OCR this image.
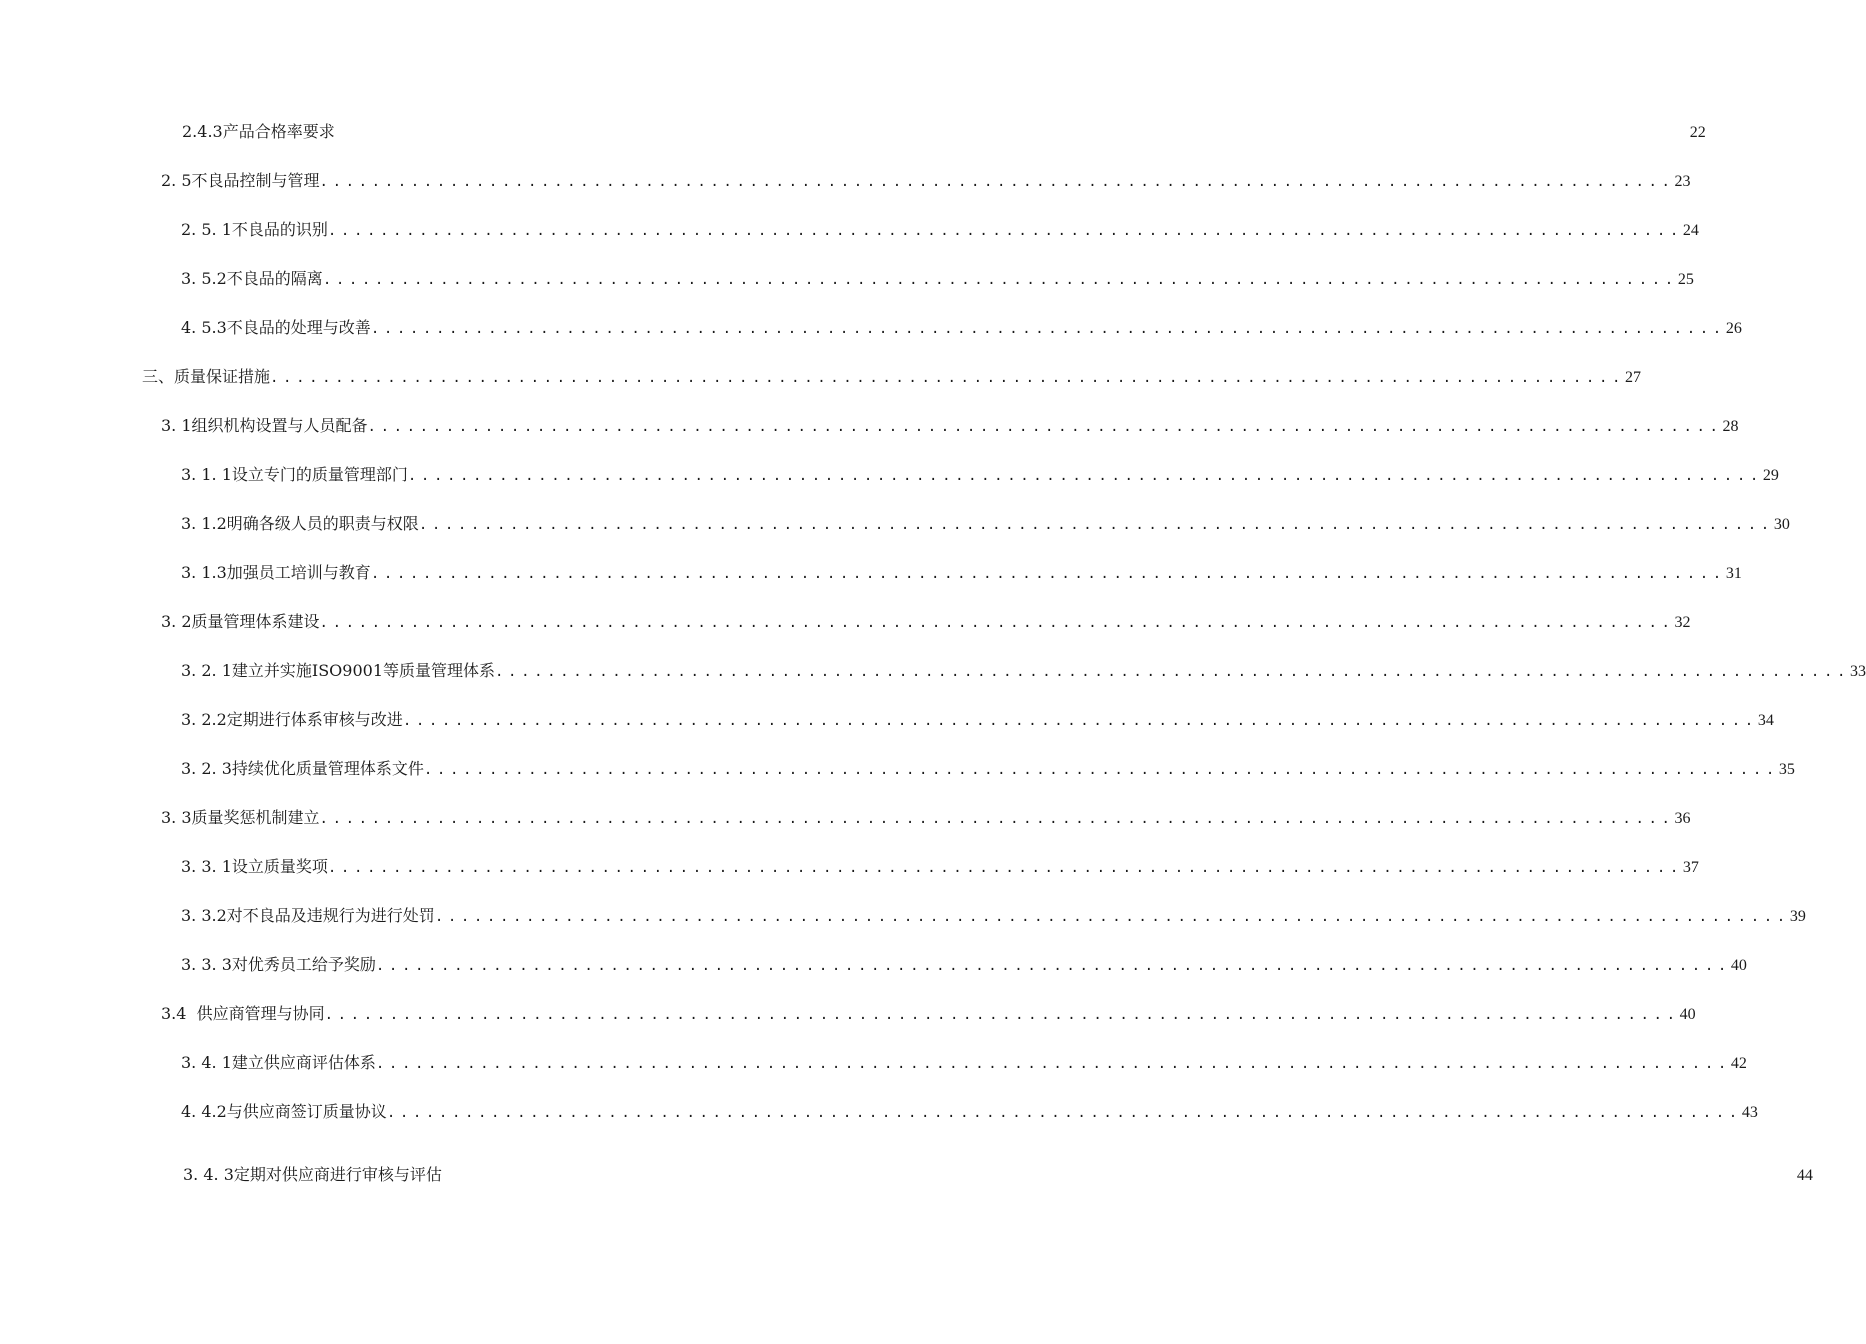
2.4.3产品合格率要求	22
2. 5不良品控制与管理 ........................................................................................................ 23
2. 5. 1不良品的识别 ........................................................................................................ 24
3. 5.2不良品的隔离 ........................................................................................................ 25
4. 5.3不良品的处理与改善 ........................................................................................................ 26
三、质量保证措施 ........................................................................................................ 27
3. 1组织机构设置与人员配备 ........................................................................................................ 28
3. 1. 1设立专门的质量管理部门 ........................................................................................................ 29
3. 1.2明确各级人员的职责与权限 ........................................................................................................ 30
3. 1.3加强员工培训与教育 ........................................................................................................ 31
3. 2质量管理体系建设 ........................................................................................................ 32
3. 2. 1建立并实施ISO9001等质量管理体系 ........................................................................................................ 33
3. 2.2定期进行体系审核与改进 ........................................................................................................ 34
3. 2. 3持续优化质量管理体系文件 ........................................................................................................ 35
3. 3质量奖惩机制建立 ........................................................................................................ 36
3. 3. 1设立质量奖项 ........................................................................................................ 37
3. 3.2对不良品及违规行为进行处罚 ........................................................................................................ 39
3. 3. 3对优秀员工给予奖励 ........................................................................................................ 40
3.4  供应商管理与协同 ........................................................................................................ 40
3. 4. 1建立供应商评估体系 ........................................................................................................ 42
4. 4.2与供应商签订质量协议 ........................................................................................................ 43
3. 4. 3定期对供应商进行审核与评估	44
